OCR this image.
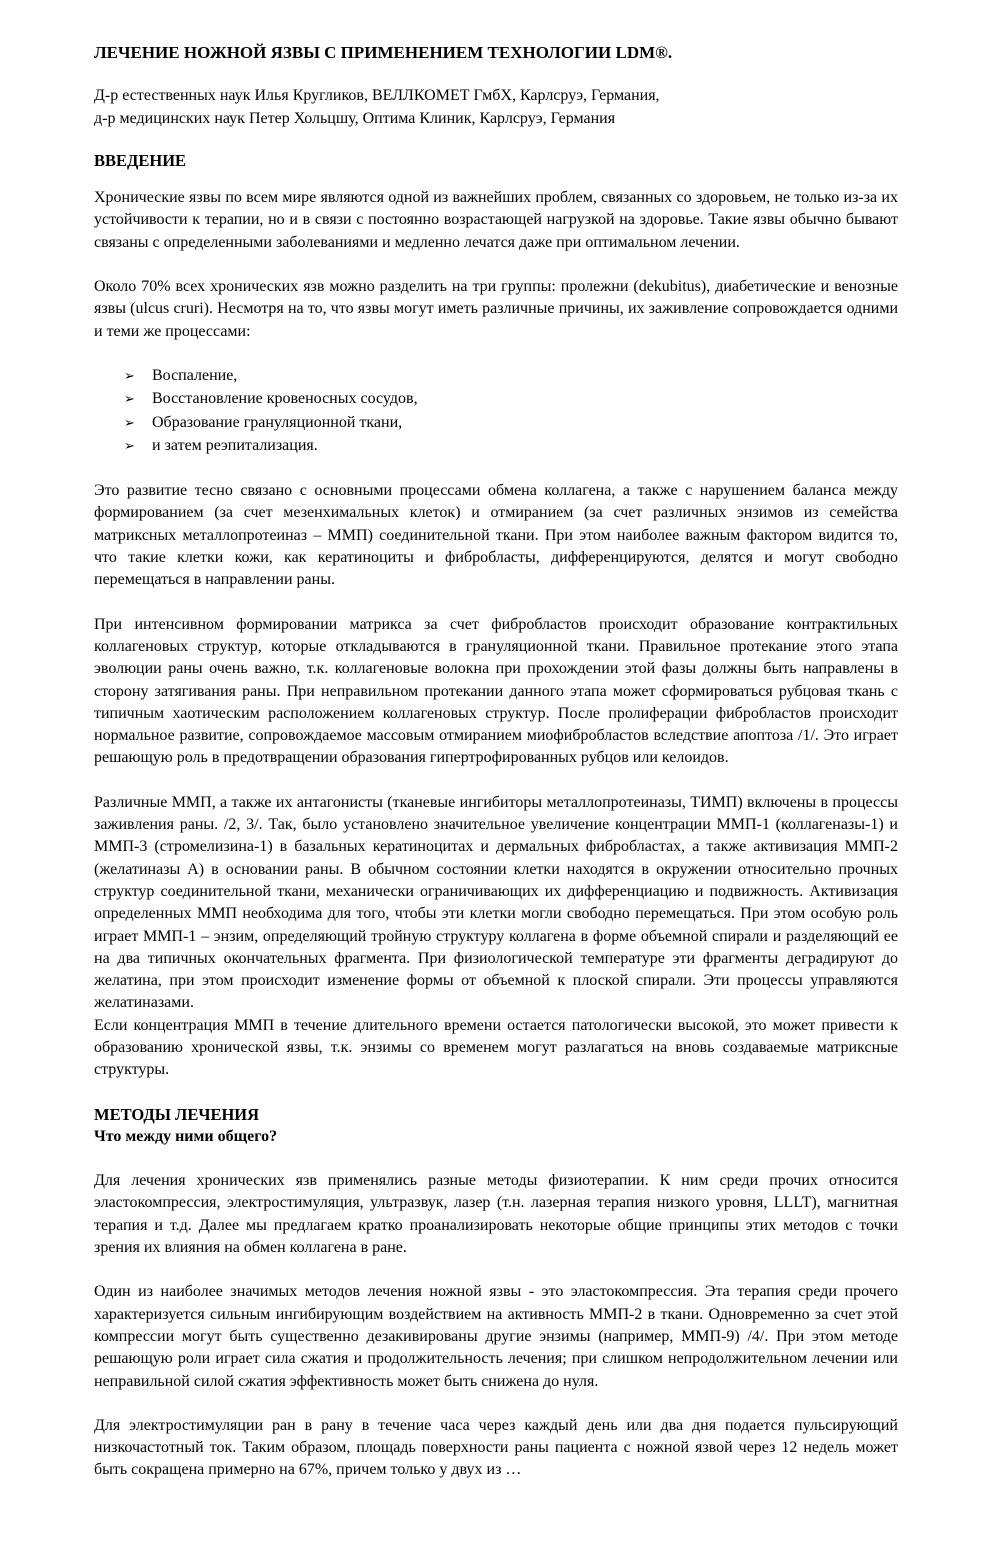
ЛЕЧЕНИЕ НОЖНОЙ ЯЗВЫ С ПРИМЕНЕНИЕМ ТЕХНОЛОГИИ LDM®.

Д-р естественных наук Илья Кругликов, ВЕЛЛКОМЕТ ГмбХ, Карлсруэ, Германия,

д-р медицинских наук Петер Хольцшу, Оптима Клиник, Карлсруэ, Германия

ВВЕДЕНИЕ

Хронические язвы по всем мире являются одной из важнейших проблем, связанных со здоровьем, не только из-за их устойчивости к терапии, но и в связи с постоянно возрастающей нагрузкой на здоровье. Такие язвы обычно бывают связаны с определенными заболеваниями и медленно лечатся даже при оптимальном лечении.

Около 70% всех хронических язв можно разделить на три группы: пролежни (dekubitus), диабетические и венозные язвы (ulcus cruri). Несмотря на то, что язвы могут иметь различные причины, их заживление сопровождается одними и теми же процессами:

➢	Воспаление,
➢	Восстановление кровеносных сосудов,
➢	Образование грануляционной ткани,
➢	и затем реэпитализация.

Это развитие тесно связано с основными процессами обмена коллагена, а также с нарушением баланса между формированием (за счет мезенхимальных клеток) и отмиранием (за счет различных энзимов из семейства матриксных металлопротеиназ – ММП) соединительной ткани. При этом наиболее важным фактором видится то, что такие клетки кожи, как кератиноциты и фибробласты, дифференцируются, делятся и могут свободно перемещаться в направлении раны.

При интенсивном формировании матрикса за счет фибробластов происходит образование контрактильных коллагеновых структур, которые откладываются в грануляционной ткани. Правильное протекание этого этапа эволюции раны очень важно, т.к. коллагеновые волокна при прохождении этой фазы должны быть направлены в сторону затягивания раны. При неправильном протекании данного этапа может сформироваться рубцовая ткань с типичным хаотическим расположением коллагеновых структур. После пролиферации фибробластов происходит нормальное развитие, сопровождаемое массовым отмиранием миофибробластов вследствие апоптоза /1/. Это играет решающую роль в предотвращении образования гипертрофированных рубцов или келоидов.

Различные ММП, а также их антагонисты (тканевые ингибиторы металлопротеиназы, ТИМП) включены в процессы заживления раны. /2, 3/. Так, было установлено значительное увеличение концентрации ММП-1 (коллагеназы-1) и ММП-3 (стромелизина-1) в базальных кератиноцитах и дермальных фибробластах, а также активизация ММП-2 (желатиназы А) в основании раны. В обычном состоянии клетки находятся в окружении относительно прочных структур соединительной ткани, механически ограничивающих их дифференциацию и подвижность. Активизация определенных ММП необходима для того, чтобы эти клетки могли свободно перемещаться. При этом особую роль играет ММП-1 – энзим, определяющий тройную структуру коллагена в форме объемной спирали и разделяющий ее на два типичных окончательных фрагмента. При физиологической температуре эти фрагменты деградируют до желатина, при этом происходит изменение формы от объемной к плоской спирали. Эти процессы управляются желатиназами.

Если концентрация ММП в течение длительного времени остается патологически высокой, это может привести к образованию хронической язвы, т.к. энзимы со временем могут разлагаться на вновь создаваемые матриксные структуры.

МЕТОДЫ ЛЕЧЕНИЯ
Что между ними общего?

Для лечения хронических язв применялись разные методы физиотерапии. К ним среди прочих относится эластокомпрессия, электростимуляция, ультразвук, лазер (т.н. лазерная терапия низкого уровня, LLLT), магнитная терапия и т.д. Далее мы предлагаем кратко проанализировать некоторые общие принципы этих методов с точки зрения их влияния на обмен коллагена в ране.

Один из наиболее значимых методов лечения ножной язвы - это эластокомпрессия. Эта терапия среди прочего характеризуется сильным ингибирующим воздействием на активность ММП-2 в ткани. Одновременно за счет этой компрессии могут быть существенно дезакивированы другие энзимы (например, ММП-9) /4/. При этом методе решающую роли играет сила сжатия и продолжительность лечения; при слишком непродолжительном лечении или неправильной силой сжатия эффективность может быть снижена до нуля.

Для электростимуляции ран в рану в течение часа через каждый день или два дня подается пульсирующий низкочастотный ток. Таким образом, площадь поверхности раны пациента с ножной язвой через 12 недель может быть сокращена примерно на 67%, причем только у двух из …
